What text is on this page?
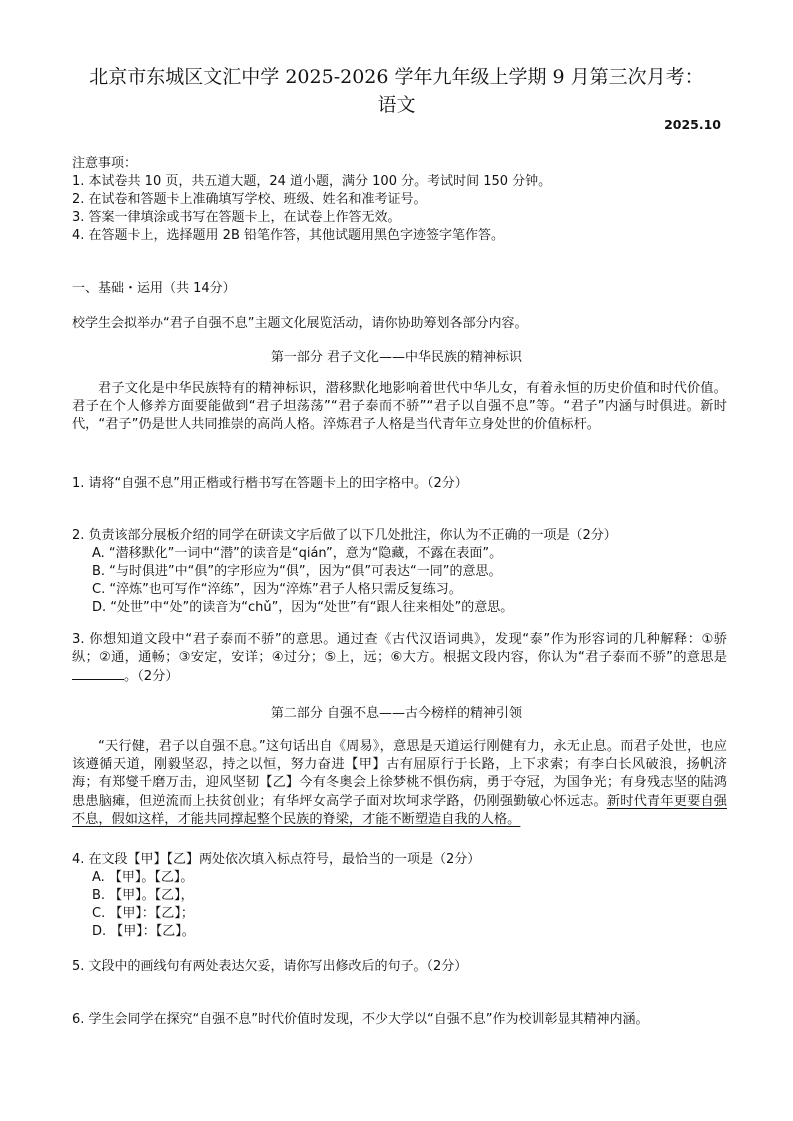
北京市东城区文汇中学 2025-2026 学年九年级上学期 9 月第三次月考：
语文
2025.10
注意事项：
1. 本试卷共 10 页，共五道大题，24 道小题，满分 100 分。考试时间 150 分钟。
2. 在试卷和答题卡上准确填写学校、班级、姓名和准考证号。
3. 答案一律填涂或书写在答题卡上，在试卷上作答无效。
4. 在答题卡上，选择题用 2B 铅笔作答，其他试题用黑色字迹签字笔作答。
一、基础・运用（共 14分）
校学生会拟举办“君子自强不息”主题文化展览活动，请你协助筹划各部分内容。
第一部分 君子文化——中华民族的精神标识
君子文化是中华民族特有的精神标识，潜移默化地影响着世代中华儿女，有着永恒的历史价值和时代价值。君子在个人修养方面要能做到“君子坦荡荡”“君子泰而不骄”“君子以自强不息”等。“君子”内涵与时俱进。新时代，“君子”仍是世人共同推崇的高尚人格。淬炼君子人格是当代青年立身处世的价值标杆。
1. 请将“自强不息”用正楷或行楷书写在答题卡上的田字格中。（2分）
2. 负责该部分展板介绍的同学在研读文字后做了以下几处批注，你认为不正确的一项是（2分）
A. “潜移默化”一词中“潜”的读音是“qián”，意为“隐藏，不露在表面”。
B. “与时俱进”中“俱”的字形应为“俱”，因为“俱”可表达“一同”的意思。
C. “淬炼”也可写作“淬练”，因为“淬炼”君子人格只需反复练习。
D. “处世”中“处”的读音为“chǔ”，因为“处世”有“跟人往来相处”的意思。
3. 你想知道文段中“君子泰而不骄”的意思。通过查《古代汉语词典》，发现“泰”作为形容词的几种解释：①骄纵；②通，通畅；③安定，安详；④过分；⑤上，远；⑥大方。根据文段内容，你认为“君子泰而不骄”的意思是。（2分）
第二部分 自强不息——古今榜样的精神引领
“天行健，君子以自强不息。”这句话出自《周易》，意思是天道运行刚健有力，永无止息。而君子处世，也应该遵循天道，刚毅坚忍，持之以恒，努力奋进【甲】古有屈原行于长路，上下求索；有李白长风破浪，扬帆济海；有郑燮千磨万击，迎风坚韧【乙】今有冬奥会上徐梦桃不惧伤病，勇于夺冠，为国争光；有身残志坚的陆鸿患患脑瘫，但逆流而上扶贫创业；有华坪女高学子面对坎坷求学路，仍刚强勤敏心怀远志。新时代青年更要自强不息，假如这样，才能共同撑起整个民族的脊梁，才能不断塑造自我的人格。
4. 在文段【甲】【乙】两处依次填入标点符号，最恰当的一项是（2分）
A. 【甲】。【乙】。
B. 【甲】。【乙】，
C. 【甲】：【乙】；
D. 【甲】：【乙】。
5. 文段中的画线句有两处表达欠妥，请你写出修改后的句子。（2分）
6. 学生会同学在探究“自强不息”时代价值时发现，不少大学以“自强不息”作为校训彰显其精神内涵。
